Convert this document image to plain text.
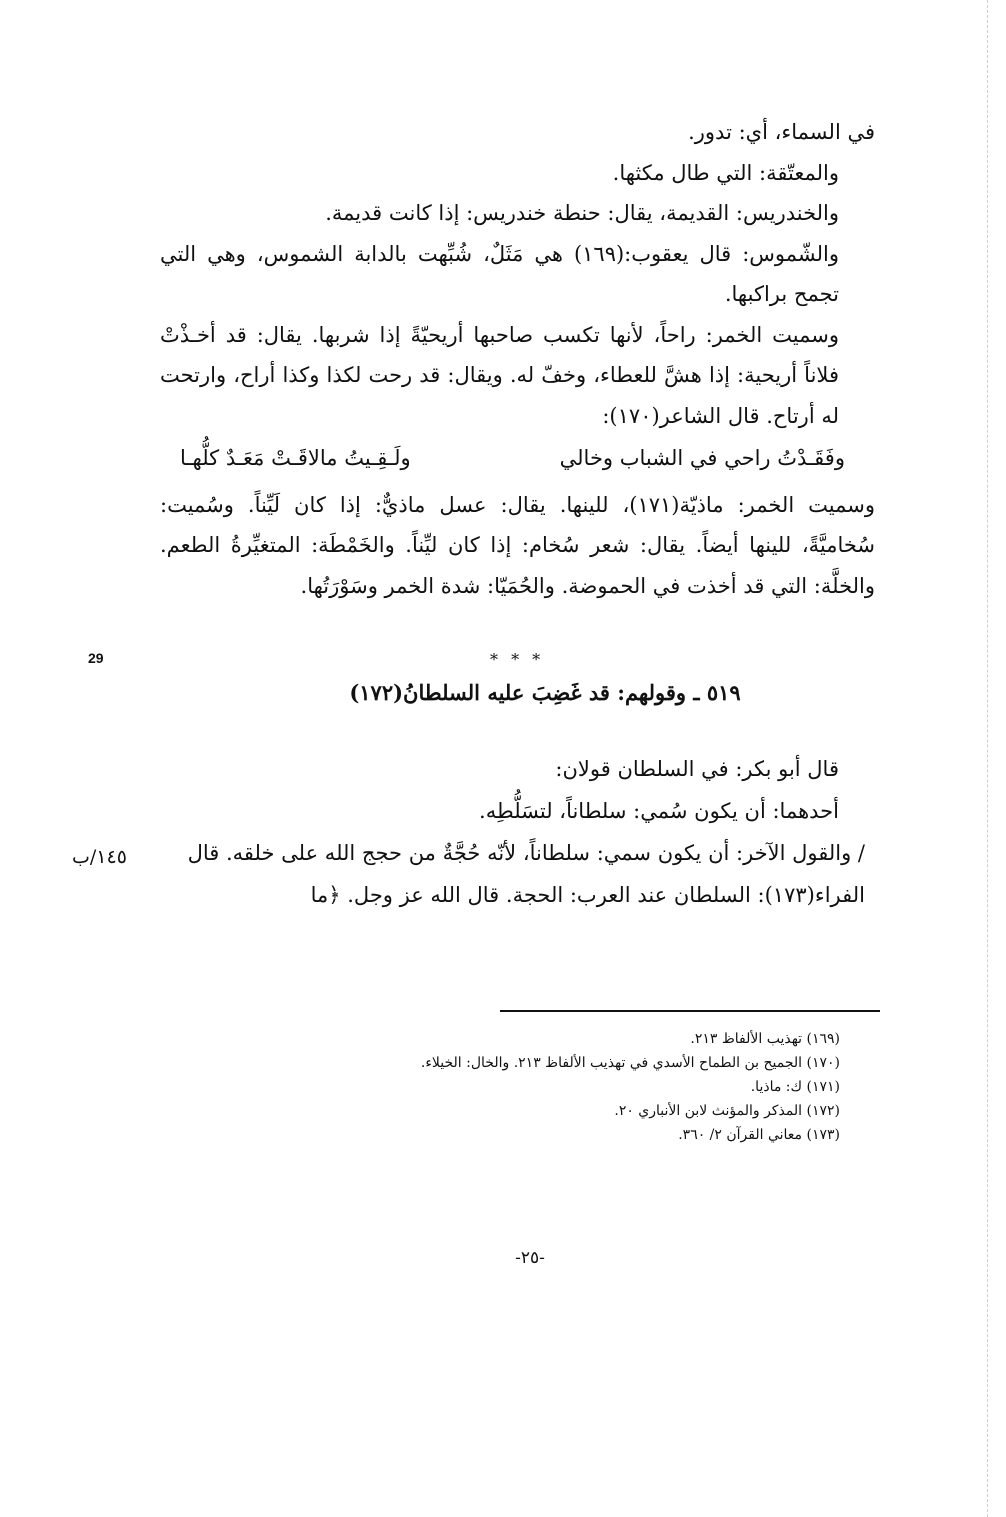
في السماء، أي: تدور.

والمعتّقة: التي طال مكثها.

والخندريس: القديمة، يقال: حنطة خندريس: إذا كانت قديمة.

والشّموس: قال يعقوب:(١٦٩) هي مَثَلٌ، شُبِّهت بالدابة الشموس، وهي التي تجمح براكبها.

وسميت الخمر: راحاً، لأنها تكسب صاحبها أريحيّةً إذا شربها. يقال: قد أخـذْتْ فلاناً أريحية: إذا هشَّ للعطاء، وخفّ له. ويقال: قد رحت لكذا وكذا أراح، وارتحت له أرتاح. قال الشاعر(١٧٠):

وفَقَـدْتُ راحي في الشباب وخالي
ولَـقِـيتُ مالاقَـتْ مَعَـدٌ كلُّهـا

وسميت الخمر: ماذيّة(١٧١)، للينها. يقال: عسل ماذيٌّ: إذا كان لَيِّناً. وسُميت: سُخاميَّةً، للينها أيضاً. يقال: شعر سُخام: إذا كان ليِّناً. والخَمْطَة: المتغيِّرةُ الطعم. والخلَّة: التي قد أخذت في الحموضة. والحُمَيّا: شدة الخمر وسَوْرَتُها.

29	* * *
٥١٩ ـ وقولهم: قد غَضِبَ عليه السلطانُ(١٧٢)

قال أبو بكر: في السلطان قولان:

أحدهما: أن يكون سُمي: سلطاناً، لتسَلُّطِه.

/ والقول الآخر: أن يكون سمي: سلطاناً، لأنّه حُجَّةٌ من حجج الله على خلقه. قال الفراء(١٧٣): السلطان عند العرب: الحجة. قال الله عز وجل. ﴿ما

١٤٥/ب
(١٦٩) تهذيب الألفاظ ٢١٣.
(١٧٠) الجميح بن الطماح الأسدي في تهذيب الألفاظ ٢١٣. والخال: الخيلاء.
(١٧١) ك: ماذيا.
(١٧٢) المذكر والمؤنث لابن الأنباري ٢٠.
(١٧٣) معاني القرآن ٢/ ٣٦٠.
-٢٥-
